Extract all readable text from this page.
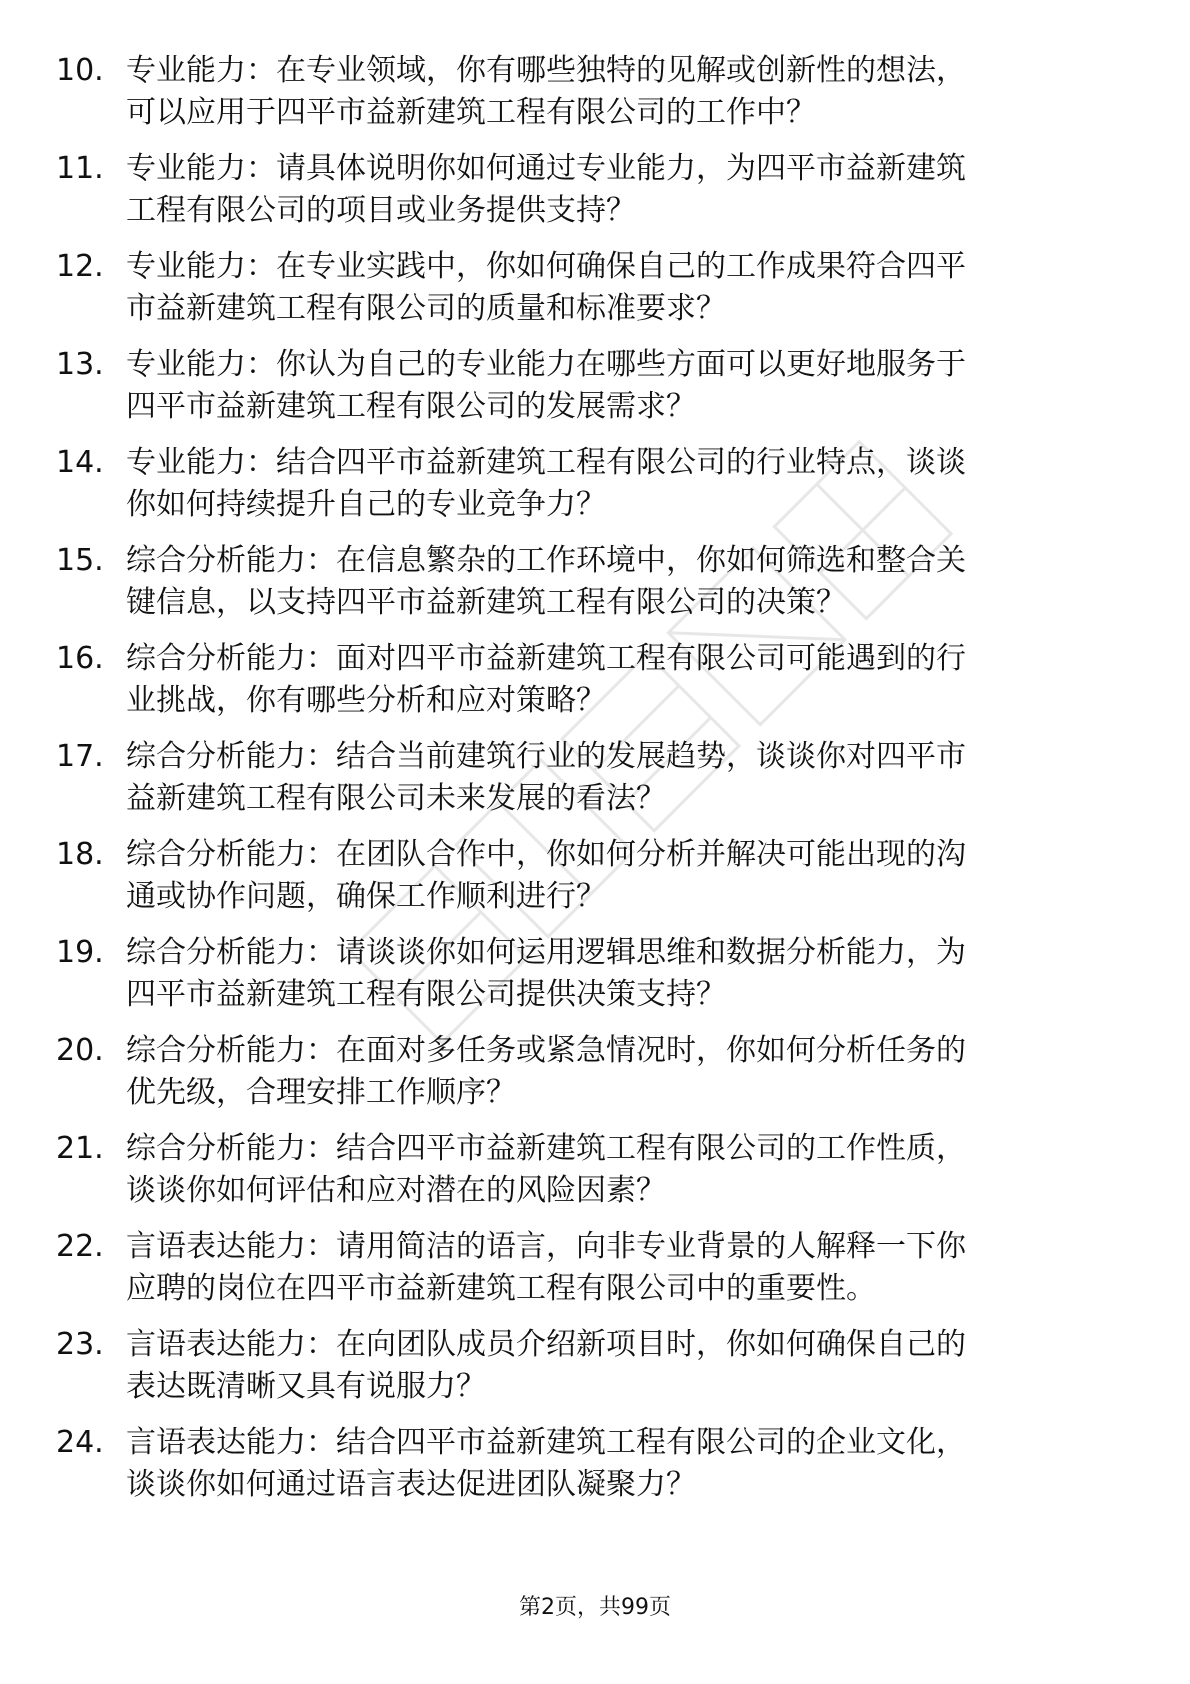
10. 专业能力：在专业领域，你有哪些独特的见解或创新性的想法，
可以应用于四平市益新建筑工程有限公司的工作中？
11. 专业能力：请具体说明你如何通过专业能力，为四平市益新建筑
工程有限公司的项目或业务提供支持？
12. 专业能力：在专业实践中，你如何确保自己的工作成果符合四平
市益新建筑工程有限公司的质量和标准要求？
13. 专业能力：你认为自己的专业能力在哪些方面可以更好地服务于
四平市益新建筑工程有限公司的发展需求？
14. 专业能力：结合四平市益新建筑工程有限公司的行业特点，谈谈
你如何持续提升自己的专业竞争力？
15. 综合分析能力：在信息繁杂的工作环境中，你如何筛选和整合关
键信息，以支持四平市益新建筑工程有限公司的决策？
16. 综合分析能力：面对四平市益新建筑工程有限公司可能遇到的行
业挑战，你有哪些分析和应对策略？
17. 综合分析能力：结合当前建筑行业的发展趋势，谈谈你对四平市
益新建筑工程有限公司未来发展的看法？
18. 综合分析能力：在团队合作中，你如何分析并解决可能出现的沟
通或协作问题，确保工作顺利进行？
19. 综合分析能力：请谈谈你如何运用逻辑思维和数据分析能力，为
四平市益新建筑工程有限公司提供决策支持？
20. 综合分析能力：在面对多任务或紧急情况时，你如何分析任务的
优先级，合理安排工作顺序？
21. 综合分析能力：结合四平市益新建筑工程有限公司的工作性质，
谈谈你如何评估和应对潜在的风险因素？
22. 言语表达能力：请用简洁的语言，向非专业背景的人解释一下你
应聘的岗位在四平市益新建筑工程有限公司中的重要性。
23. 言语表达能力：在向团队成员介绍新项目时，你如何确保自己的
表达既清晰又具有说服力？
24. 言语表达能力：结合四平市益新建筑工程有限公司的企业文化，
谈谈你如何通过语言表达促进团队凝聚力？
第2页，共99页
